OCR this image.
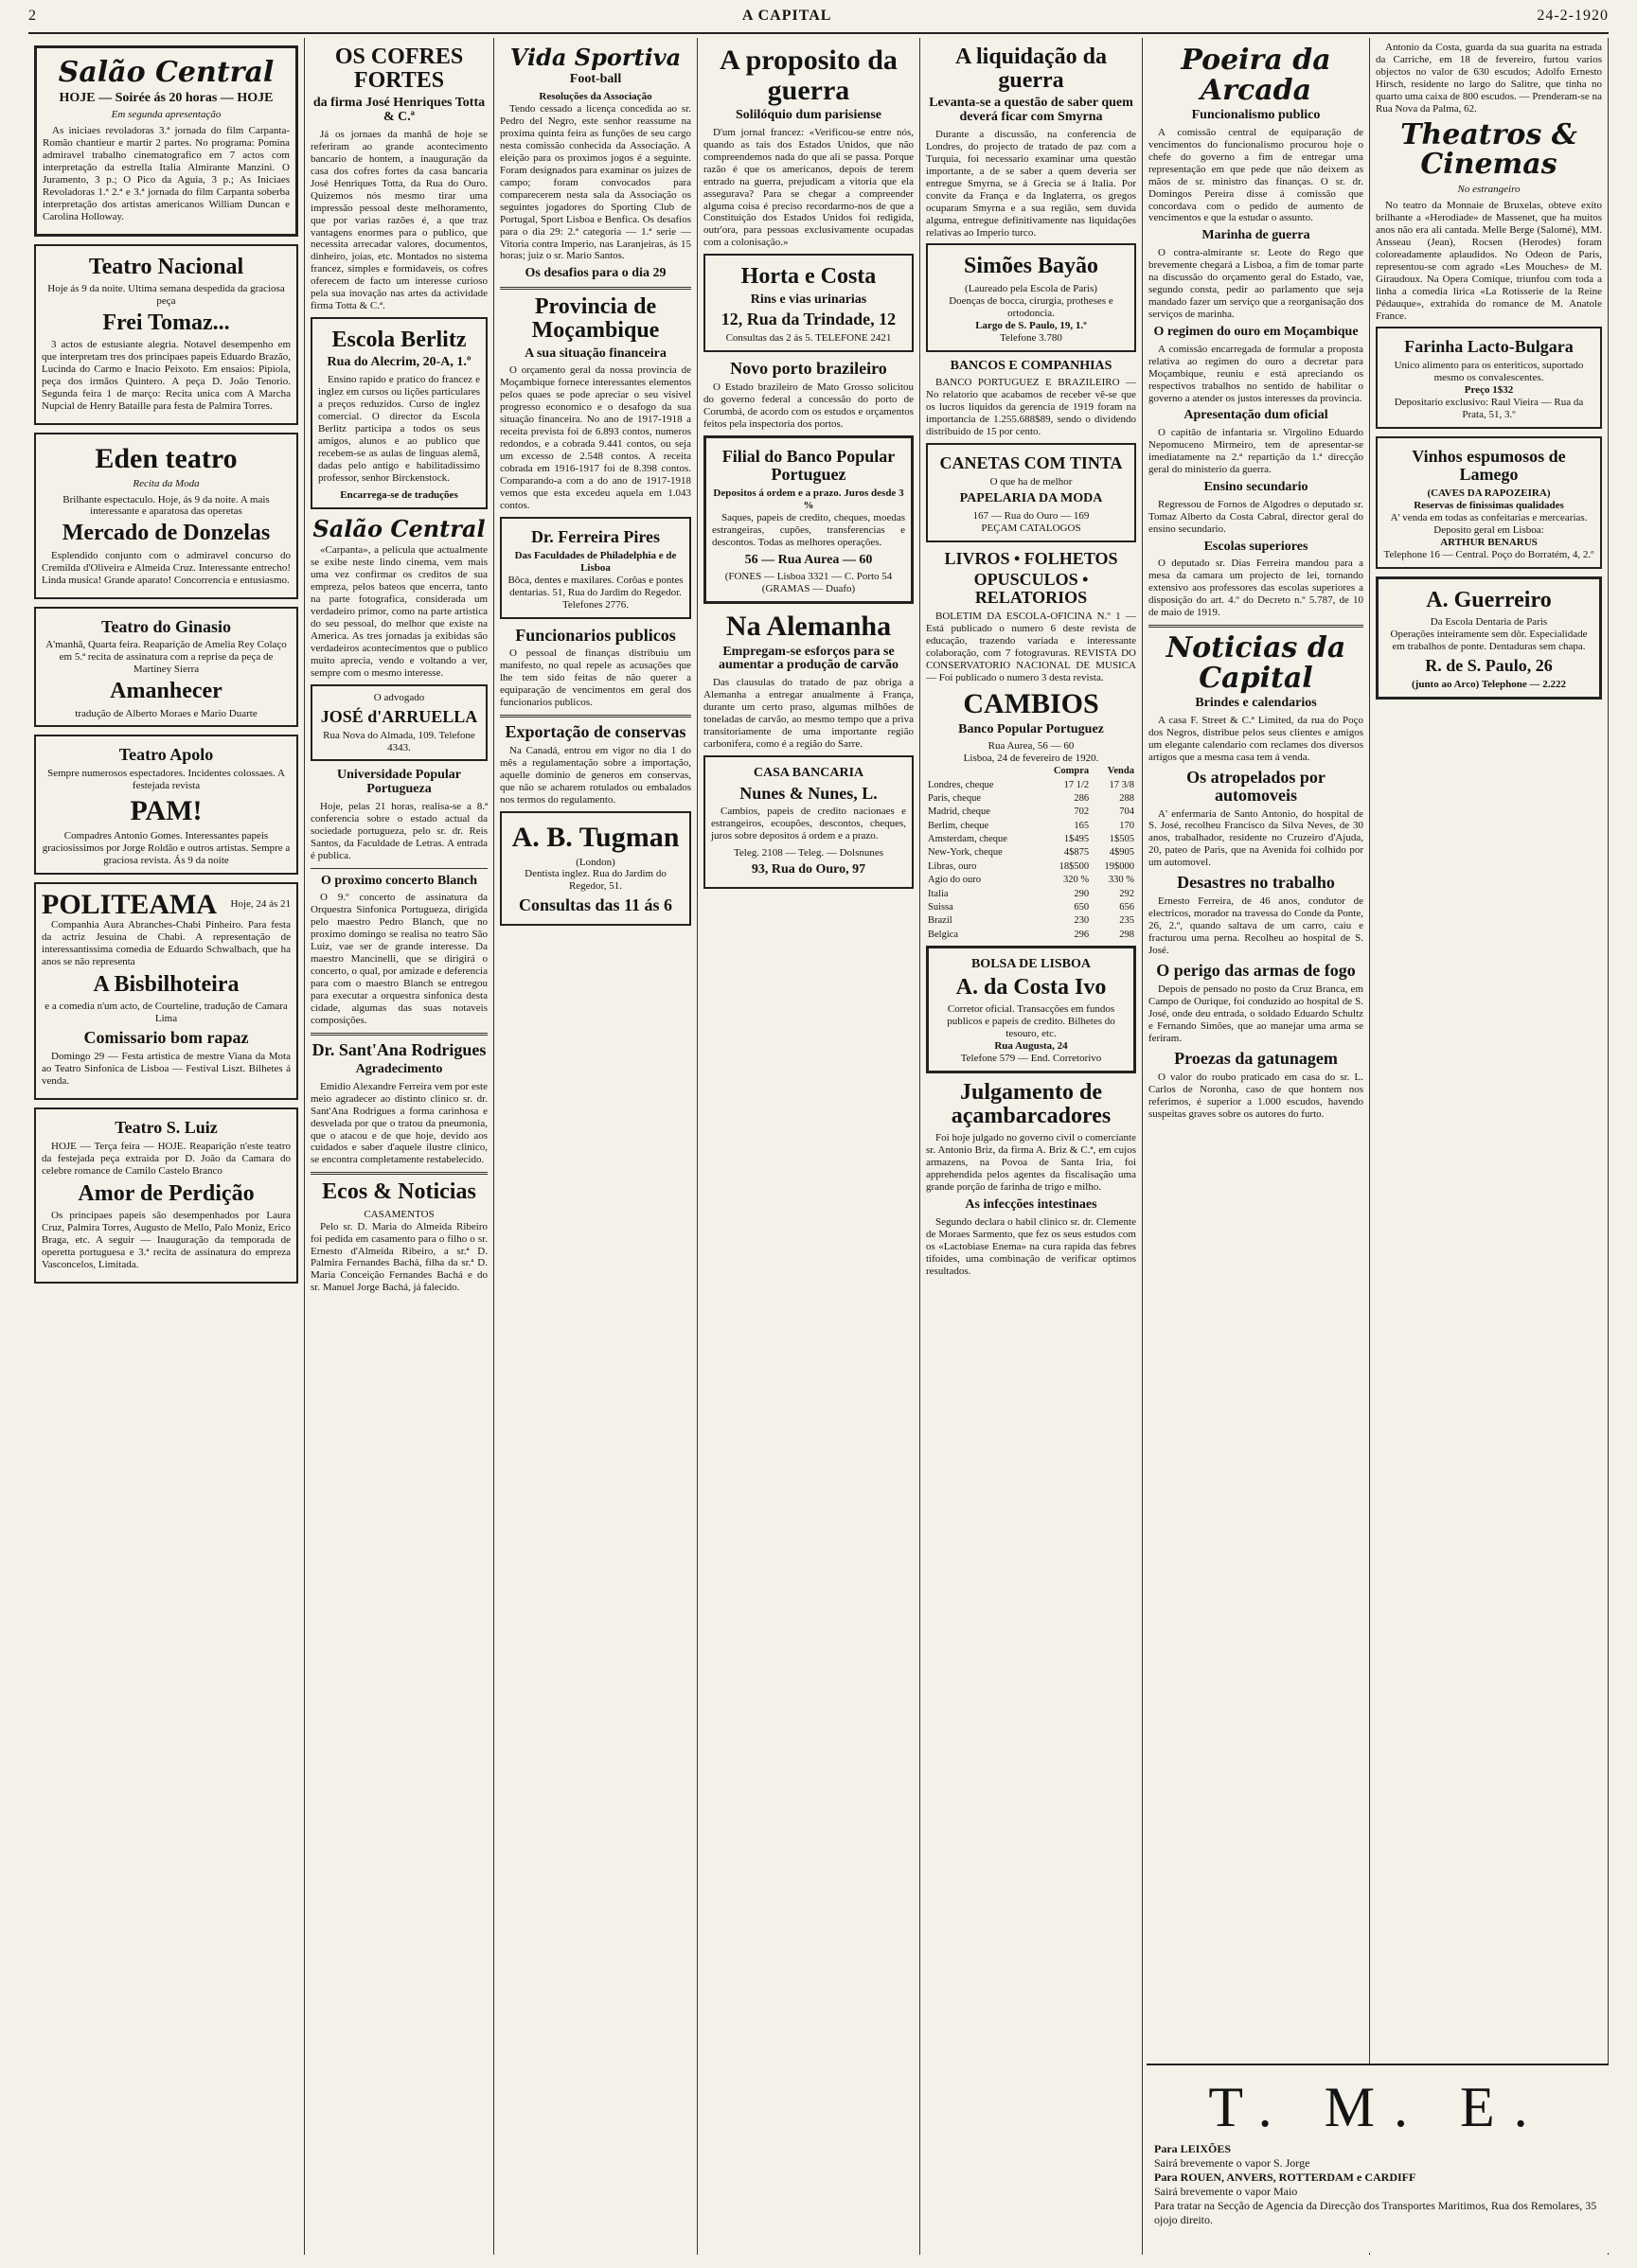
2	A CAPITAL	24-2-1920
Salão Central
HOJE — Soirée ás 20 horas — HOJE
Em segunda apresentação

As iniciaes revoladoras 3.ª jornada do film Carpanta-Romão chantieur e martir 2 partes. No programa: Pomina admiravel trabalho cinematografico em 7 actos com interpretação da estrella Italia Almirante Manzini. O Juramento, 3 p.; O Pico da Aguia, 3 p.; As Iniciaes Revoladoras 1.ª 2.ª e 3.ª jornada do film Carpanta soberba interpretação dos artistas americanos William Duncan e Carolina Holloway.

Teatro Nacional
Hoje ás 9 da noite. Ultima semana despedida da graciosa peça
Frei Tomaz...

3 actos de estusiante alegria. Notavel desempenho em que interpretam tres dos principaes papeis Eduardo Brazão, Lucinda do Carmo e Inacio Peixoto. Em ensaios: Pipiola, peça dos irmãos Quintero. A peça D. João Tenorio. Segunda feira 1 de março: Recita unica com A Marcha Nupcial de Henry Bataille para festa de Palmira Torres.

Eden teatro
Recita da Moda
Brilhante espectaculo. Hoje, ás 9 da noite. A mais interessante e aparatosa das operetas
Mercado de Donzelas

Esplendido conjunto com o admiravel concurso do Cremilda d'Oliveira e Almeida Cruz. Interessante entrecho! Linda musica! Grande aparato! Concorrencia e entusiasmo.

Teatro do Ginasio
A'manhã, Quarta feira. Reaparição de Amelia Rey Colaço em 5.ª recita de assinatura com a reprise da peça de Martiney Sierra
Amanhecer
tradução de Alberto Moraes e Mario Duarte
Teatro Apolo
Sempre numerosos espectadores. Incidentes colossaes. A festejada revista
PAM!
Compadres Antonio Gomes. Interessantes papeis graciosissimos por Jorge Roldão e outros artistas. Sempre a graciosa revista. Ás 9 da noite
POLITEAMA Hoje, 24 ás 21

Companhia Aura Abranches-Chabi Pinheiro. Para festa da actriz Jesuina de Chabi. A representação de interessantissima comedia de Eduardo Schwalbach, que ha anos se não representa

A Bisbilhoteira
e a comedia n'um acto, de Courteline, tradução de Camara Lima
Comissario bom rapaz

Domingo 29 — Festa artistica de mestre Viana da Mota ao Teatro Sinfonica de Lisboa — Festival Liszt. Bilhetes á venda.

Teatro S. Luiz

HOJE — Terça feira — HOJE. Reaparição n'este teatro da festejada peça extraida por D. João da Camara do celebre romance de Camilo Castelo Branco

Amor de Perdição

Os principaes papeis são desempenhados por Laura Cruz, Palmira Torres, Augusto de Mello, Palo Moniz, Erico Braga, etc. A seguir — Inauguração da temporada de operetta portuguesa e 3.ª recita de assinatura do empreza Vasconcelos, Limitada.

OS COFRES FORTES
da firma José Henriques Totta & C.ª

Já os jornaes da manhã de hoje se referiram ao grande acontecimento bancario de hontem, a inauguração da casa dos cofres fortes da casa bancaria José Henriques Totta, da Rua do Ouro. Quizemos nós mesmo tirar uma impressão pessoal deste melhoramento, que por varias razões é, a que traz vantagens enormes para o publico, que necessita arrecadar valores, documentos, dinheiro, joias, etc. Montados no sistema francez, simples e formidaveis, os cofres oferecem de facto um interesse curioso pela sua inovação nas artes da actividade firma Totta & C.ª.

Escola Berlitz
Rua do Alecrim, 20-A, 1.º

Ensino rapido e pratico do francez e inglez em cursos ou lições particulares a preços reduzidos. Curso de inglez comercial. O director da Escola Berlitz participa a todos os seus amigos, alunos e ao publico que recebem-se as aulas de linguas alemã, dadas pelo antigo e habilitadissimo professor, senhor Birckenstock.

Encarrega-se de traduções
Salão Central

«Carpanta», a pelicula que actualmente se exibe neste lindo cinema, vem mais uma vez confirmar os creditos de sua empreza, pelos bateos que encerra, tanto na parte fotografica, considerada um verdadeiro primor, como na parte artistica do seu pessoal, do melhor que existe na America. As tres jornadas ja exibidas são verdadeiros acontecimentos que o publico muito aprecia, vendo e voltando a ver, sempre com o mesmo interesse.

O advogado
JOSÉ d'ARRUELLA
Rua Nova do Almada, 109. Telefone 4343.
Universidade Popular Portugueza

Hoje, pelas 21 horas, realisa-se a 8.ª conferencia sobre o estado actual da sociedade portugueza, pelo sr. dr. Reis Santos, da Faculdade de Letras. A entrada é publica.

O proximo concerto Blanch

O 9.º concerto de assinatura da Orquestra Sinfonica Portugueza, dirigida pelo maestro Pedro Blanch, que no proximo domingo se realisa no teatro São Luiz, vae ser de grande interesse. Da maestro Mancinelli, que se dirigirá o concerto, o qual, por amizade e deferencia para com o maestro Blanch se entregou para executar a orquestra sinfonica desta cidade, algumas das suas notaveis composições.

Dr. Sant'Ana Rodrigues
Agradecimento

Emidio Alexandre Ferreira vem por este meio agradecer ao distinto clinico sr. dr. Sant'Ana Rodrigues a forma carinhosa e desvelada por que o tratou da pneumonia, que o atacou e de que hoje, devido aos cuidados e saber d'aquele ilustre clinico, se encontra completamente restabelecido.

Ecos & Noticias
CASAMENTOS

Pelo sr. D. Maria do Almeida Ribeiro foi pedida em casamento para o filho o sr. Ernesto d'Almeida Ribeiro, a sr.ª D. Palmira Fernandes Bachá, filha da sr.ª D. Maria Conceição Fernandes Bachá e do sr. Manuel Jorge Bachá, já falecido.

Vida Sportiva
Foot-ball
Resoluções da Associação

Tendo cessado a licença concedida ao sr. Pedro del Negro, este senhor reassume na proxima quinta feira as funções de seu cargo nesta comissão conhecida da Associação. A eleição para os proximos jogos é a seguinte. Foram designados para examinar os juizes de campo; foram convocados para comparecerem nesta sala da Associação os seguintes jogadores do Sporting Club de Portugal, Sport Lisboa e Benfica. Os desafios para o dia 29: 2.ª categoria — 1.ª serie — Vitoria contra Imperio, nas Laranjeiras, ás 15 horas; juiz o sr. Mario Santos.

Os desafios para o dia 29
Provincia de Moçambique
A sua situação financeira

O orçamento geral da nossa provincia de Moçambique fornece interessantes elementos pelos quaes se pode apreciar o seu visivel progresso economico e o desafogo da sua situação financeira. No ano de 1917-1918 a receita prevista foi de 6.893 contos, numeros redondos, e a cobrada 9.441 contos, ou seja um excesso de 2.548 contos. A receita cobrada em 1916-1917 foi de 8.398 contos. Comparando-a com a do ano de 1917-1918 vemos que esta excedeu aquela em 1.043 contos.

Dr. Ferreira Pires
Das Faculdades de Philadelphia e de Lisboa
Bôca, dentes e maxilares. Corôas e pontes dentarias. 51, Rua do Jardim do Regedor. Telefones 2776.
Funcionarios publicos

O pessoal de finanças distribuiu um manifesto, no qual repele as acusações que lhe tem sido feitas de não querer a equiparação de vencimentos em geral dos funcionarios publicos.

Exportação de conservas

Na Canadá, entrou em vigor no dia 1 do mês a regulamentação sobre a importação, aquelle dominio de generos em conservas, que não se acharem rotulados ou embalados nos termos do regulamento.

A. B. Tugman
(London)
Dentista inglez. Rua do Jardim do Regedor, 51.
Consultas das 11 ás 6
A proposito da guerra
Solilóquio dum parisiense

D'um jornal francez: «Verificou-se entre nós, quando as tais dos Estados Unidos, que não compreendemos nada do que ali se passa. Porque razão é que os americanos, depois de terem entrado na guerra, prejudicam a vitoria que ela assegurava? Para se chegar a compreender alguma coisa é preciso recordarmo-nos de que a Constituição dos Estados Unidos foi redigida, outr'ora, para pessoas exclusivamente ocupadas com a colonisação.»

Horta e Costa
Rins e vias urinarias
12, Rua da Trindade, 12
Consultas das 2 ás 5. TELEFONE 2421
Novo porto brazileiro

O Estado brazileiro de Mato Grosso solicitou do governo federal a concessão do porto de Corumbá, de acordo com os estudos e orçamentos feitos pela inspectoria dos portos.

Filial do Banco Popular Portuguez
Depositos á ordem e a prazo. Juros desde 3 %

Saques, papeis de credito, cheques, moedas estrangeiras, cupões, transferencias e descontos. Todas as melhores operações.

56 — Rua Aurea — 60
(FONES — Lisboa 3321 — C. Porto 54 (GRAMAS — Duafo)
Na Alemanha
Empregam-se esforços para se aumentar a produção de carvão

Das clausulas do tratado de paz obriga a Alemanha a entregar anualmente á França, durante um certo praso, algumas milhões de toneladas de carvão, ao mesmo tempo que a priva transitoriamente de uma importante região carbonifera, como é a região do Sarre.

CASA BANCARIA
Nunes & Nunes, L.

Cambios, papeis de credito nacionaes e estrangeiros, ecoupões, descontos, cheques, juros sobre depositos á ordem e a prazo.

Teleg. 2108 — Teleg. — Dolsnunes
93, Rua do Ouro, 97
A liquidação da guerra
Levanta-se a questão de saber quem deverá ficar com Smyrna

Durante a discussão, na conferencia de Londres, do projecto de tratado de paz com a Turquia, foi necessario examinar uma questão importante, a de se saber a quem deveria ser entregue Smyrna, se á Grecia se á Italia. Por convite da França e da Inglaterra, os gregos ocuparam Smyrna e a sua região, sem duvida alguma, entregue definitivamente nas liquidações relativas ao Imperio turco.

Simões Bayão
(Laureado pela Escola de Paris)
Doenças de bocca, cirurgia, protheses e ortodoncia.
Largo de S. Paulo, 19, 1.º
Telefone 3.780
BANCOS E COMPANHIAS

BANCO PORTUGUEZ E BRAZILEIRO — No relatorio que acabamos de receber vê-se que os lucros liquidos da gerencia de 1919 foram na importancia de 1.255.688$89, sendo o dividendo distribuido de 15 por cento.

CANETAS COM TINTA
O que ha de melhor
PAPELARIA DA MODA
167 — Rua do Ouro — 169
PEÇAM CATALOGOS
LIVROS • FOLHETOS
OPUSCULOS • RELATORIOS

BOLETIM DA ESCOLA-OFICINA N.º 1 — Está publicado o numero 6 deste revista de educação, trazendo variada e interessante colaboração, com 7 fotogravuras. REVISTA DO CONSERVATORIO NACIONAL DE MUSICA — Foi publicado o numero 3 desta revista.

CAMBIOS
Banco Popular Portuguez
Rua Aurea, 56 — 60
Lisboa, 24 de fevereiro de 1920.
	Compra	Venda
Londres, cheque	17 1/2	17 3/8
Paris, cheque	286	288
Madrid, cheque	702	704
Berlim, cheque	165	170
Amsterdam, cheque	1$495	1$505
New-York, cheque	4$875	4$905
Libras, ouro	18$500	19$000
Agio do ouro	320 %	330 %
Italia	290	292
Suissa	650	656
Brazil	230	235
Belgica	296	298
BOLSA DE LISBOA
A. da Costa Ivo
Corretor oficial. Transacções em fundos publicos e papeis de credito. Bilhetes do tesouro, etc.
Rua Augusta, 24
Telefone 579 — End. Corretorivo
Julgamento de açambarcadores

Foi hoje julgado no governo civil o comerciante sr. Antonio Briz, da firma A. Briz & C.ª, em cujos armazens, na Povoa de Santa Iria, foi apprehendida pelos agentes da fiscalisação uma grande porção de farinha de trigo e milho.

As infecções intestinaes

Segundo declara o habil clinico sr. dr. Clemente de Moraes Sarmento, que fez os seus estudos com os «Lactobiase Enema» na cura rapida das febres tifoides, uma combinação de verificar optimos resultados.

Poeira da Arcada
Funcionalismo publico

A comissão central de equiparação de vencimentos do funcionalismo procurou hoje o chefe do governo a fim de entregar uma representação em que pede que não deixem as mãos de sr. ministro das finanças. O sr. dr. Domingos Pereira disse á comissão que concordava com o pedido de aumento de vencimentos e que la estudar o assunto.

Marinha de guerra

O contra-almirante sr. Leote do Rego que brevemente chegará a Lisboa, a fim de tomar parte na discussão do orçamento geral do Estado, vae, segundo consta, pedir ao parlamento que seja mandado fazer um serviço que a reorganisação dos serviços de marinha.

O regimen do ouro em Moçambique

A comissão encarregada de formular a proposta relativa ao regimen do ouro a decretar para Moçambique, reuniu e está apreciando os respectivos trabalhos no sentido de habilitar o governo a atender os justos interesses da provincia.

Apresentação dum oficial

O capitão de infantaria sr. Virgolino Eduardo Nepomuceno Mirmeiro, tem de apresentar-se imediatamente na 2.ª repartição da 1.ª direcção geral do ministerio da guerra.

Ensino secundario

Regressou de Fornos de Algodres o deputado sr. Tomaz Alberto da Costa Cabral, director geral do ensino secundario.

Escolas superiores

O deputado sr. Dias Ferreira mandou para a mesa da camara um projecto de lei, tornando extensivo aos professores das escolas superiores a disposição do art. 4.º do Decreto n.º 5.787, de 10 de maio de 1919.

Noticias da Capital
Brindes e calendarios

A casa F. Street & C.ª Limited, da rua do Poço dos Negros, distribue pelos seus clientes e amigos um elegante calendario com reclames dos diversos artigos que a mesma casa tem á venda.

Os atropelados por automoveis

A' enfermaria de Santo Antonio, do hospital de S. José, recolheu Francisco da Silva Neves, de 30 anos, trabalhador, residente no Cruzeiro d'Ajuda, 20, pateo de Paris, que na Avenida foi colhido por um automovel.

Desastres no trabalho

Ernesto Ferreira, de 46 anos, condutor de electricos, morador na travessa do Conde da Ponte, 26, 2.º, quando saltava de um carro, caiu e fracturou uma perna. Recolheu ao hospital de S. José.

O perigo das armas de fogo

Depois de pensado no posto da Cruz Branca, em Campo de Ourique, foi conduzido ao hospital de S. José, onde deu entrada, o soldado Eduardo Schultz e Fernando Simões, que ao manejar uma arma se feriram.

Proezas da gatunagem

O valor do roubo praticado em casa do sr. L. Carlos de Noronha, caso de que hontem nos referimos, é superior a 1.000 escudos, havendo suspeitas graves sobre os autores do furto.

Antonio da Costa, guarda da sua guarita na estrada da Carriche, em 18 de fevereiro, furtou varios objectos no valor de 630 escudos; Adolfo Ernesto Hirsch, residente no largo do Salitre, que tinha no quarto uma caixa de 800 escudos. — Prenderam-se na Rua Nova da Palma, 62.

Theatros & Cinemas
No estrangeiro

No teatro da Monnaie de Bruxelas, obteve exito brilhante a «Herodiade» de Massenet, que ha muitos anos não era ali cantada. Melle Berge (Salomé), MM. Ansseau (Jean), Rocsen (Herodes) foram coloreadamente aplaudidos. No Odeon de Paris, representou-se com agrado «Les Mouches» de M. Giraudoux. Na Opera Comique, triunfou com toda a linha a comedia lirica «La Rotisserie de la Reine Pédauque», extrahida do romance de M. Anatole France.

Farinha Lacto-Bulgara
Unico alimento para os enteriticos, suportado mesmo os convalescentes.
Preço 1$32
Depositario exclusivo: Raul Vieira — Rua da Prata, 51, 3.º
Vinhos espumosos de Lamego
(CAVES DA RAPOZEIRA)
Reservas de finissimas qualidades
A' venda em todas as confeitarias e mercearias. Deposito geral em Lisboa:
ARTHUR BENARUS
Telephone 16 — Central. Poço do Borratém, 4, 2.º
A. Guerreiro
Da Escola Dentaria de Paris
Operações inteiramente sem dôr. Especialidade em trabalhos de ponte. Dentaduras sem chapa.
R. de S. Paulo, 26
(junto ao Arco) Telephone — 2.222
T. M. E.
Para LEIXÕES
Sairá brevemente o vapor S. Jorge
Para ROUEN, ANVERS, ROTTERDAM e CARDIFF
Sairá brevemente o vapor Maio
Para tratar na Secção de Agencia da Direcção dos Transportes Maritimos, Rua dos Remolares, 35 ojojo direito.
